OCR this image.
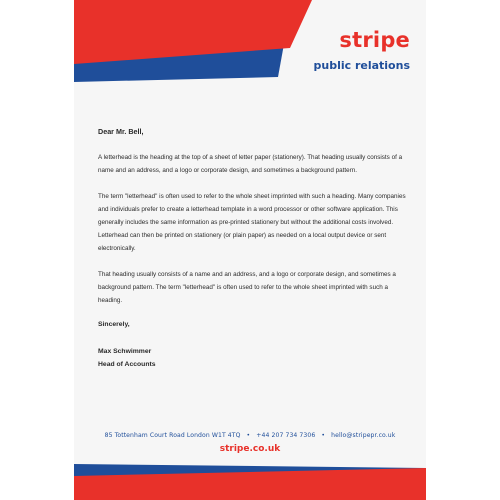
stripe
public relations

Dear Mr. Bell,

A letterhead is the heading at the top of a sheet of letter paper (stationery). That heading usually consists of a name and an address, and a logo or corporate design, and sometimes a background pattern.

The term "letterhead" is often used to refer to the whole sheet imprinted with such a heading. Many companies and individuals prefer to create a letterhead template in a word processor or other software application. This generally includes the same information as pre-printed stationery but without the additional costs involved. Letterhead can then be printed on stationery (or plain paper) as needed on a local output device or sent electronically.

That heading usually consists of a name and an address, and a logo or corporate design, and sometimes a background pattern. The term "letterhead" is often used to refer to the whole sheet imprinted with such a heading.

Sincerely,

Max Schwimmer

Head of Accounts

85 Tottenham Court Road London W1T 4TQ • +44 207 734 7306 • hello@stripepr.co.uk
stripe.co.uk
